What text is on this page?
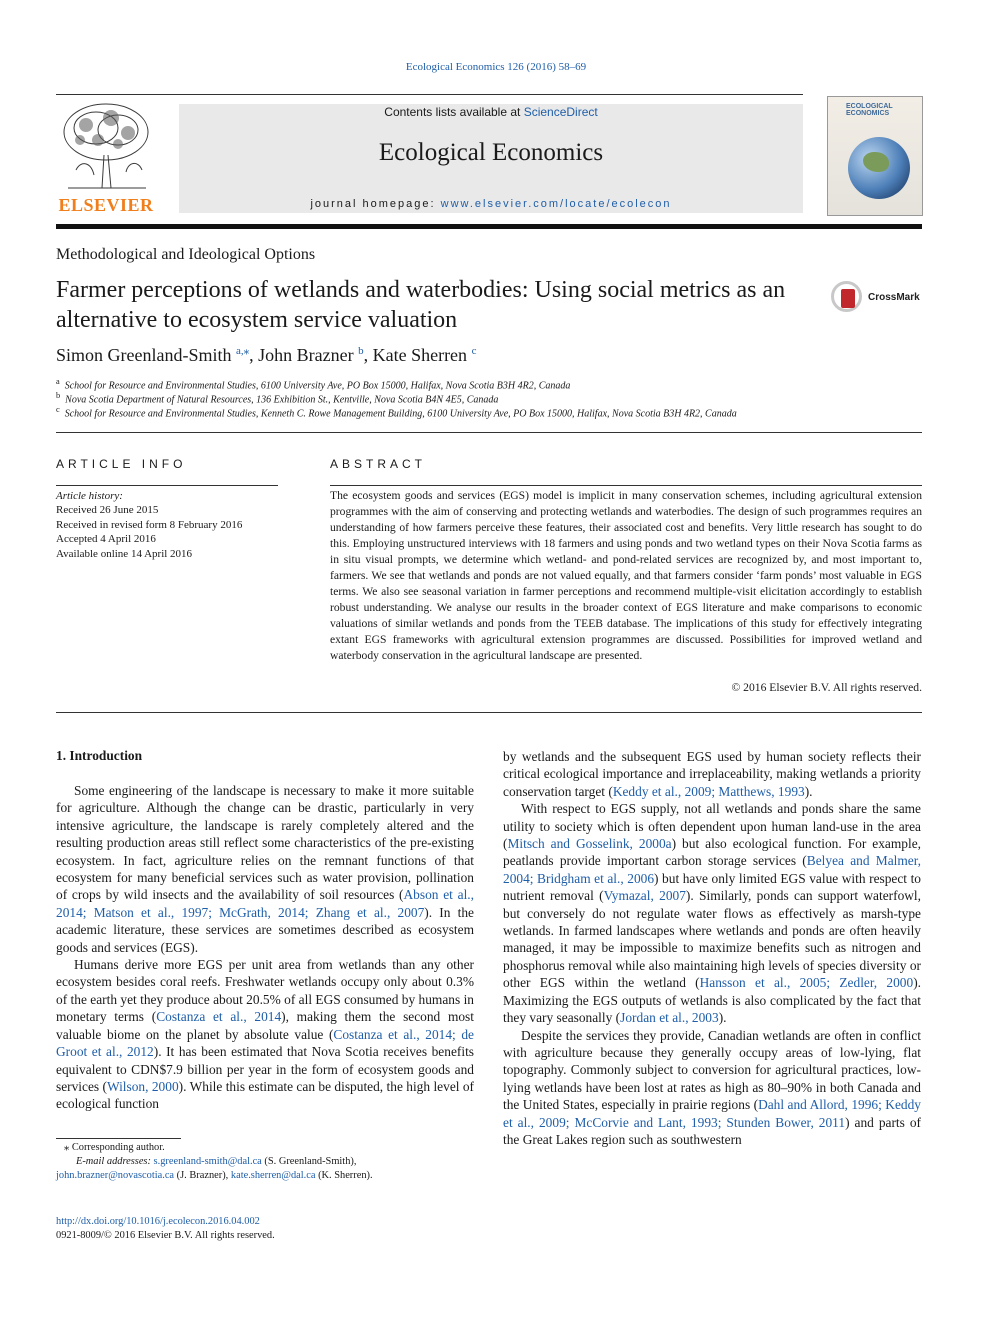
Ecological Economics 126 (2016) 58–69
ELSEVIER
Contents lists available at ScienceDirect
Ecological Economics
journal homepage: www.elsevier.com/locate/ecolecon
ECOLOGICAL ECONOMICS
Methodological and Ideological Options
Farmer perceptions of wetlands and waterbodies: Using social metrics as an alternative to ecosystem service valuation
CrossMark
Simon Greenland-Smith $^{a,⁎}$, John Brazner $^b$, Kate Sherren $^c$
$^a$ School for Resource and Environmental Studies, 6100 University Ave, PO Box 15000, Halifax, Nova Scotia B3H 4R2, Canada
$^b$ Nova Scotia Department of Natural Resources, 136 Exhibition St., Kentville, Nova Scotia B4N 4E5, Canada
$^c$ School for Resource and Environmental Studies, Kenneth C. Rowe Management Building, 6100 University Ave, PO Box 15000, Halifax, Nova Scotia B3H 4R2, Canada
ARTICLE INFO	ABSTRACT
Article history:
Received 26 June 2015
Received in revised form 8 February 2016
Accepted 4 April 2016
Available online 14 April 2016
The ecosystem goods and services (EGS) model is implicit in many conservation schemes, including agricultural extension programmes with the aim of conserving and protecting wetlands and waterbodies. The design of such programmes requires an understanding of how farmers perceive these features, their associated cost and benefits. Very little research has sought to do this. Employing unstructured interviews with 18 farmers and using ponds and two wetland types on their Nova Scotia farms as in situ visual prompts, we determine which wetland- and pond-related services are recognized by, and most important to, farmers. We see that wetlands and ponds are not valued equally, and that farmers consider ‘farm ponds’ most valuable in EGS terms. We also see seasonal variation in farmer perceptions and recommend multiple-visit elicitation accordingly to establish robust understanding. We analyse our results in the broader context of EGS literature and make comparisons to economic valuations of similar wetlands and ponds from the TEEB database. The implications of this study for effectively integrating extant EGS frameworks with agricultural extension programmes are discussed. Possibilities for improved wetland and waterbody conservation in the agricultural landscape are presented.
© 2016 Elsevier B.V. All rights reserved.
1. Introduction

Some engineering of the landscape is necessary to make it more suitable for agriculture. Although the change can be drastic, particularly in very intensive agriculture, the landscape is rarely completely altered and the resulting production areas still reflect some characteristics of the pre-existing ecosystem. In fact, agriculture relies on the remnant functions of that ecosystem for many beneficial services such as water provision, pollination of crops by wild insects and the availability of soil resources (Abson et al., 2014; Matson et al., 1997; McGrath, 2014; Zhang et al., 2007). In the academic literature, these services are sometimes described as ecosystem goods and services (EGS).

Humans derive more EGS per unit area from wetlands than any other ecosystem besides coral reefs. Freshwater wetlands occupy only about 0.3% of the earth yet they produce about 20.5% of all EGS consumed by humans in monetary terms (Costanza et al., 2014), making them the second most valuable biome on the planet by absolute value (Costanza et al., 2014; de Groot et al., 2012). It has been estimated that Nova Scotia receives benefits equivalent to CDN$7.9 billion per year in the form of ecosystem goods and services (Wilson, 2000). While this estimate can be disputed, the high level of ecological function

by wetlands and the subsequent EGS used by human society reflects their critical ecological importance and irreplaceability, making wetlands a priority conservation target (Keddy et al., 2009; Matthews, 1993).

With respect to EGS supply, not all wetlands and ponds share the same utility to society which is often dependent upon human land-use in the area (Mitsch and Gosselink, 2000a) but also ecological function. For example, peatlands provide important carbon storage services (Belyea and Malmer, 2004; Bridgham et al., 2006) but have only limited EGS value with respect to nutrient removal (Vymazal, 2007). Similarly, ponds can support waterfowl, but conversely do not regulate water flows as effectively as marsh-type wetlands. In farmed landscapes where wetlands and ponds are often heavily managed, it may be impossible to maximize benefits such as nitrogen and phosphorus removal while also maintaining high levels of species diversity or other EGS within the wetland (Hansson et al., 2005; Zedler, 2000). Maximizing the EGS outputs of wetlands is also complicated by the fact that they vary seasonally (Jordan et al., 2003).

Despite the services they provide, Canadian wetlands are often in conflict with agriculture because they generally occupy areas of low-lying, flat topography. Commonly subject to conversion for agricultural practices, low-lying wetlands have been lost at rates as high as 80–90% in both Canada and the United States, especially in prairie regions (Dahl and Allord, 1996; Keddy et al., 2009; McCorvie and Lant, 1993; Stunden Bower, 2011) and parts of the Great Lakes region such as southwestern

⁎ Corresponding author.
E-mail addresses: s.greenland-smith@dal.ca (S. Greenland-Smith),
john.brazner@novascotia.ca (J. Brazner), kate.sherren@dal.ca (K. Sherren).
http://dx.doi.org/10.1016/j.ecolecon.2016.04.002
0921-8009/© 2016 Elsevier B.V. All rights reserved.
